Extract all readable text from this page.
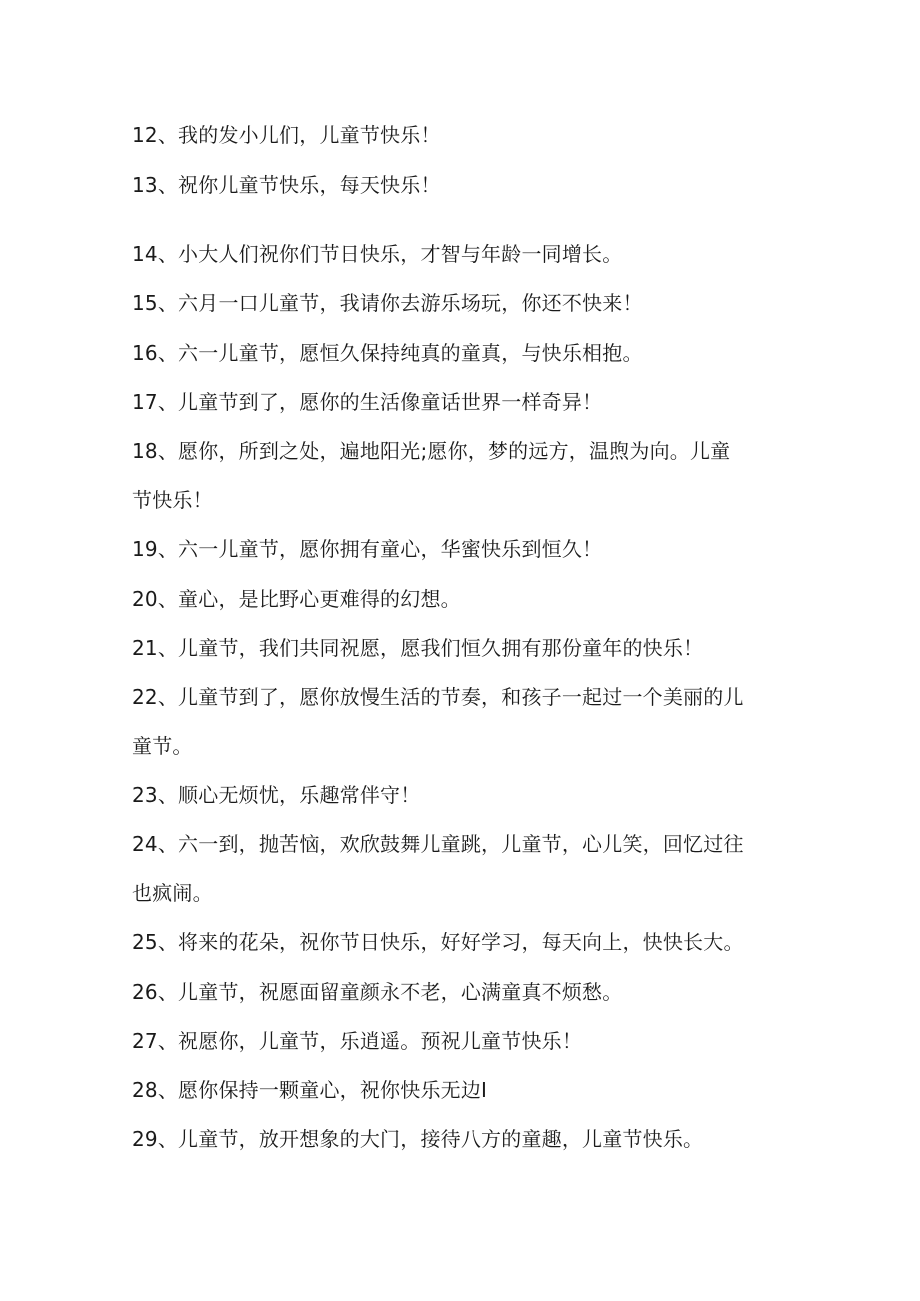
12、我的发小儿们，儿童节快乐！
13、祝你儿童节快乐，每天快乐！
14、小大人们祝你们节日快乐，才智与年龄一同增长。
15、六月一口儿童节，我请你去游乐场玩，你还不快来！
16、六一儿童节，愿恒久保持纯真的童真，与快乐相抱。
17、儿童节到了，愿你的生活像童话世界一样奇异！
18、愿你，所到之处，遍地阳光;愿你，梦的远方，温煦为向。儿童
节快乐！
19、六一儿童节，愿你拥有童心，华蜜快乐到恒久！
20、童心，是比野心更难得的幻想。
21、儿童节，我们共同祝愿，愿我们恒久拥有那份童年的快乐！
22、儿童节到了，愿你放慢生活的节奏，和孩子一起过一个美丽的儿
童节。
23、顺心无烦忧，乐趣常伴守！
24、六一到，抛苦恼，欢欣鼓舞儿童跳，儿童节，心儿笑，回忆过往
也疯闹。
25、将来的花朵，祝你节日快乐，好好学习，每天向上，快快长大。
26、儿童节，祝愿面留童颜永不老，心满童真不烦愁。
27、祝愿你，儿童节，乐逍遥。预祝儿童节快乐！
28、愿你保持一颗童心，祝你快乐无边I
29、儿童节，放开想象的大门，接待八方的童趣，儿童节快乐。
